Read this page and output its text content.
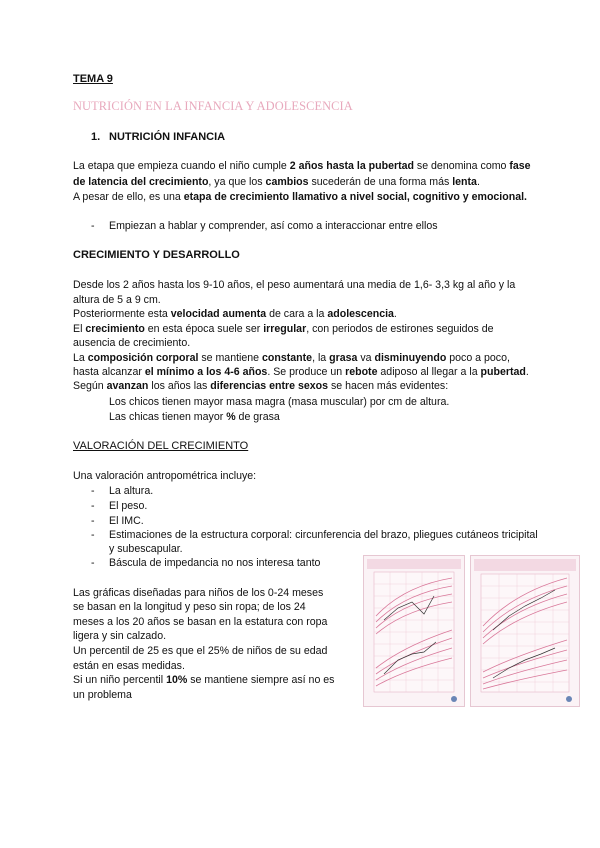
TEMA 9
NUTRICIÓN EN LA INFANCIA Y ADOLESCENCIA
1. NUTRICIÓN INFANCIA
La etapa que empieza cuando el niño cumple 2 años hasta la pubertad se denomina como fase
de latencia del crecimiento, ya que los cambios sucederán de una forma más lenta.
A pesar de ello, es una etapa de crecimiento llamativo a nivel social, cognitivo y emocional.
- Empiezan a hablar y comprender, así como a interaccionar entre ellos
CRECIMIENTO Y DESARROLLO
Desde los 2 años hasta los 9-10 años, el peso aumentará una media de 1,6- 3,3 kg al año y la
altura de 5 a 9 cm.
Posteriormente esta velocidad aumenta de cara a la adolescencia.
El crecimiento en esta época suele ser irregular, con periodos de estirones seguidos de
ausencia de crecimiento.
La composición corporal se mantiene constante, la grasa va disminuyendo poco a poco,
hasta alcanzar el mínimo a los 4-6 años. Se produce un rebote adiposo al llegar a la pubertad.
Según avanzan los años las diferencias entre sexos se hacen más evidentes:
Los chicos tienen mayor masa magra (masa muscular) por cm de altura.
Las chicas tienen mayor % de grasa
VALORACIÓN DEL CRECIMIENTO
Una valoración antropométrica incluye:
- La altura.
- El peso.
- El IMC.
- Estimaciones de la estructura corporal: circunferencia del brazo, pliegues cutáneos tricipital
y subescapular.
- Báscula de impedancia no nos interesa tanto
Las gráficas diseñadas para niños de los 0-24 meses
se basan en la longitud y peso sin ropa; de los 24
meses a los 20 años se basan en la estatura con ropa
ligera y sin calzado.
Un percentil de 25 es que el 25% de niños de su edad
están en esas medidas.
Si un niño percentil 10% se mantiene siempre así no es
un problema
